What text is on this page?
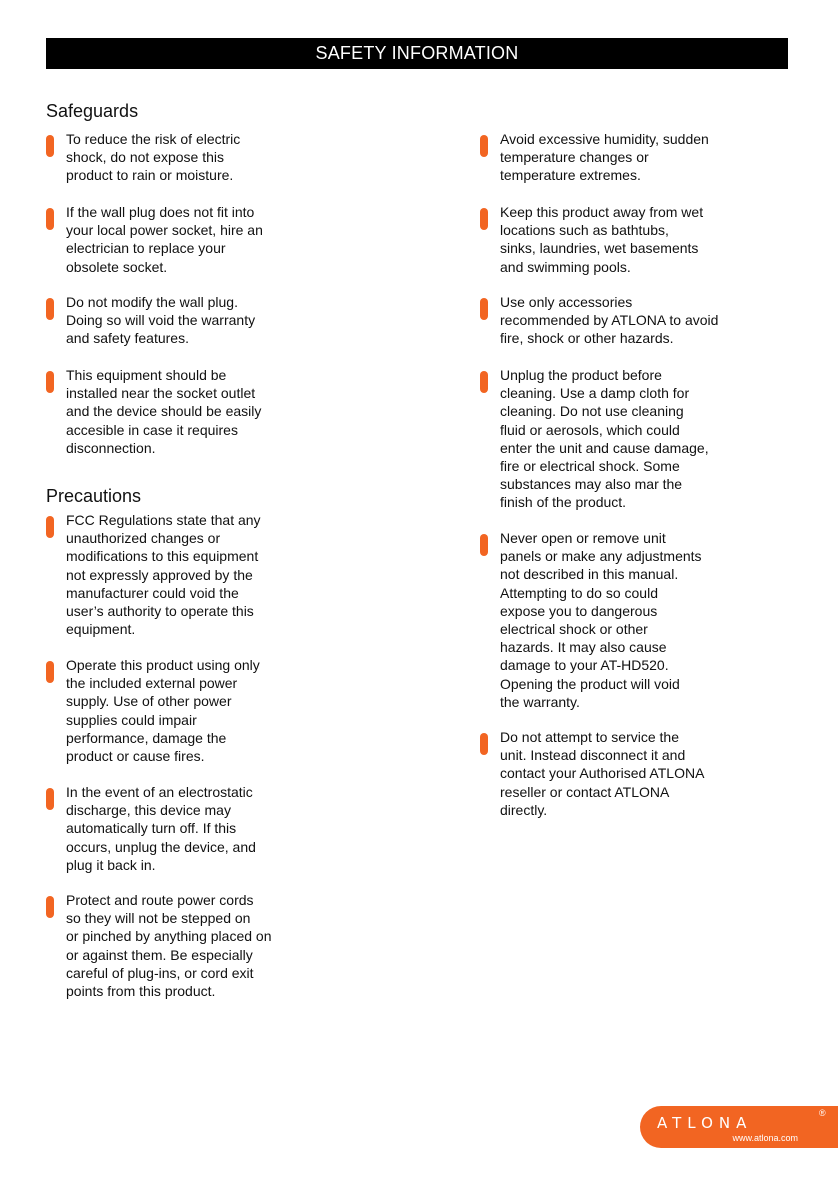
SAFETY INFORMATION
Safeguards
To reduce the risk of electric
shock, do not expose this
product to rain or moisture.
If the wall plug does not fit into
your local power socket, hire an
electrician to replace your
obsolete socket.
Do not modify the wall plug.
Doing so will void the warranty
and safety features.
This equipment should be
installed near the socket outlet
and the device should be easily
accesible in case it requires
disconnection.
Precautions
FCC Regulations state that any
unauthorized changes or
modifications to this equipment
not expressly approved by the
manufacturer could void the
user’s authority to operate this
equipment.
Operate this product using only
the included external power
supply. Use of other power
supplies could impair
performance, damage the
product or cause fires.
In the event of an electrostatic
discharge, this device may
automatically turn off. If this
occurs, unplug the device, and
plug it back in.
Protect and route power cords
so they will not be stepped on
or pinched by anything placed on
or against them. Be especially
careful of plug-ins, or cord exit
points from this product.
Avoid excessive humidity, sudden
temperature changes or
temperature extremes.
Keep this product away from wet
locations such as bathtubs,
sinks, laundries, wet basements
and swimming pools.
Use only accessories
recommended by ATLONA to avoid
fire, shock or other hazards.
Unplug the product before
cleaning. Use a damp cloth for
cleaning. Do not use cleaning
fluid or aerosols, which could
enter the unit and cause damage,
fire or electrical shock. Some
substances may also mar the
finish of the product.
Never open or remove unit
panels or make any adjustments
not described in this manual.
Attempting to do so could
expose you to dangerous
electrical shock or other
hazards. It may also cause
damage to your AT-HD520.
Opening the product will void
the warranty.
Do not attempt to service the
unit. Instead disconnect it and
contact your Authorised ATLONA
reseller or contact ATLONA
directly.
ATLONA
®
www.atlona.com
